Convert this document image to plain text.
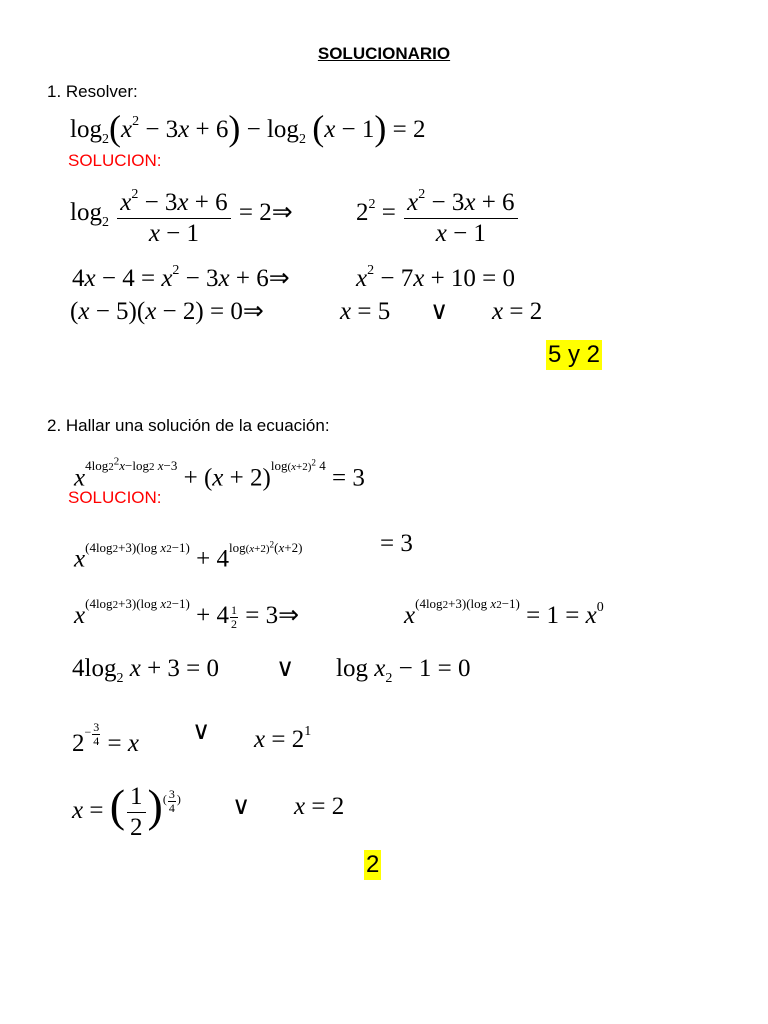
SOLUCIONARIO
1. Resolver:
$\log_2(x^2 - 3x + 6) - \log_2 (x - 1) = 2$
SOLUCION:
$\log_2 \frac{x^2 - 3x + 6}{x - 1}$ = 2⇒	$2^2 = \frac{x^2 - 3x + 6}{x - 1}$
$4x - 4 = x^2 - 3x$ + 6⇒	$x^2 - 7x + 10 = 0$
(x − 5)(x − 2) = 0⇒	x = 5 ∨ x = 2
5 y 2
2. Hallar una solución de la ecuación:
$x^{4log2^2x-log2 x-3} + (x + 2)^{log(x+2)^2 4} = 3$
SOLUCION:
$x^{(4log2+3)(log x2-1)} + 4^{log(x+2)^2(x+2)}$	= 3
$x^{(4log2+3)(log x2-1)} + 4 \frac{1}{2}$ = 3⇒	$x^{(4log2+3)(log x2-1)} = 1 = x^0$
$4\log_2$ x + 3 = 0 ∨ $\log x_2 - 1 = 0$
$2^{- \frac{3}{4}} = x$ ∨ $x = 2^1$
x = ( $\frac{1}{2} )^{( \frac{3}{4} )}$ ∨ x = 2
2
